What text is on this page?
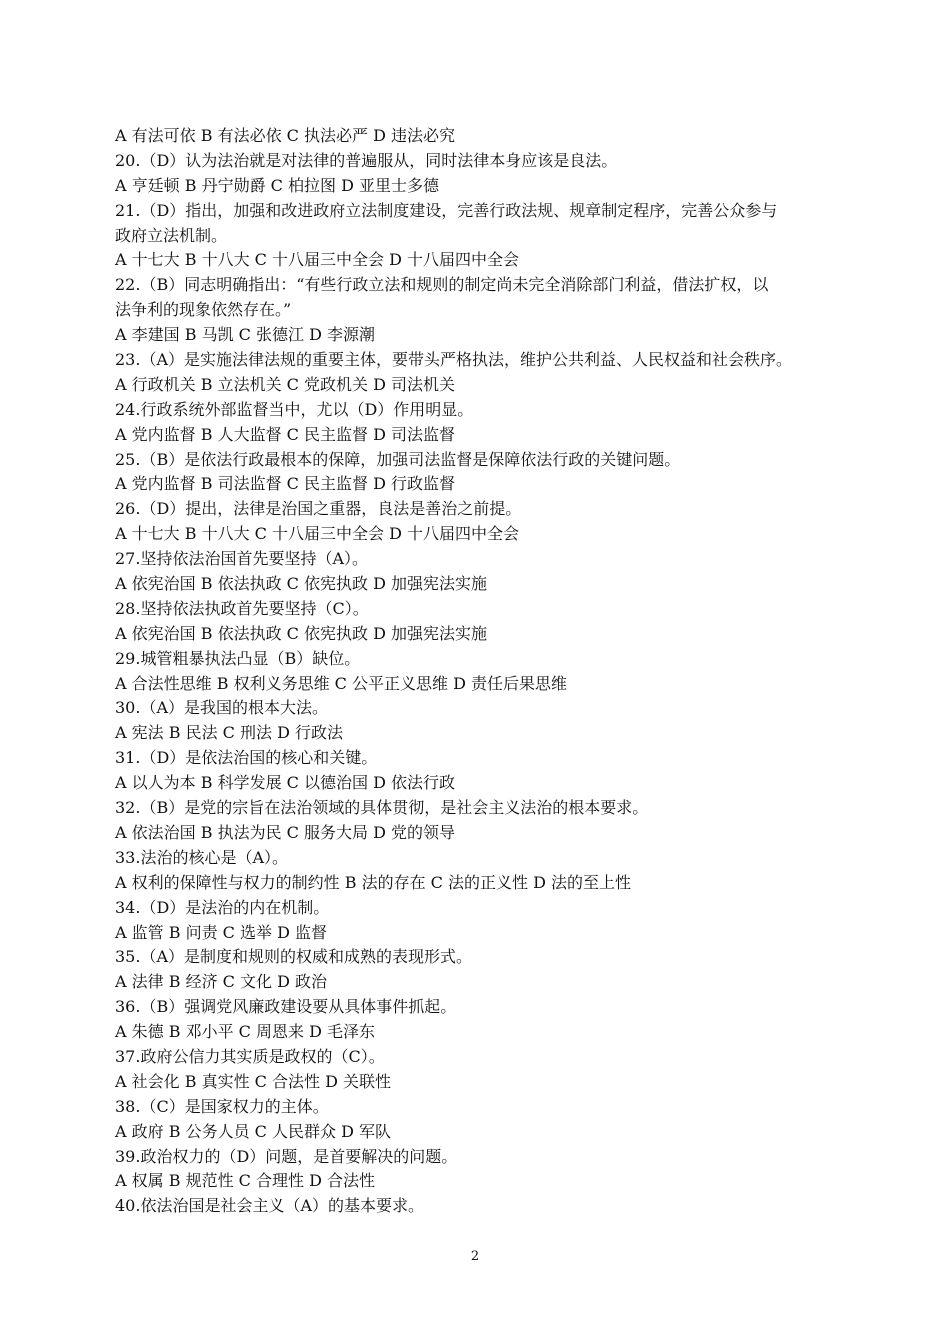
A 有法可依 B 有法必依 C 执法必严 D 违法必究
20.（D）认为法治就是对法律的普遍服从，同时法律本身应该是良法。
A 亨廷顿 B 丹宁勋爵 C 柏拉图 D 亚里士多德
21.（D）指出，加强和改进政府立法制度建设，完善行政法规、规章制定程序，完善公众参与
政府立法机制。
A 十七大 B 十八大 C 十八届三中全会 D 十八届四中全会
22.（B）同志明确指出：“有些行政立法和规则的制定尚未完全消除部门利益，借法扩权，以
法争利的现象依然存在。”
A 李建国 B 马凯 C 张德江 D 李源潮
23.（A）是实施法律法规的重要主体，要带头严格执法，维护公共利益、人民权益和社会秩序。
A 行政机关 B 立法机关 C 党政机关 D 司法机关
24.行政系统外部监督当中，尤以（D）作用明显。
A 党内监督 B 人大监督 C 民主监督 D 司法监督
25.（B）是依法行政最根本的保障，加强司法监督是保障依法行政的关键问题。
A 党内监督 B 司法监督 C 民主监督 D 行政监督
26.（D）提出，法律是治国之重器，良法是善治之前提。
A 十七大 B 十八大 C 十八届三中全会 D 十八届四中全会
27.坚持依法治国首先要坚持（A）。
A 依宪治国 B 依法执政 C 依宪执政 D 加强宪法实施
28.坚持依法执政首先要坚持（C）。
A 依宪治国 B 依法执政 C 依宪执政 D 加强宪法实施
29.城管粗暴执法凸显（B）缺位。
A 合法性思维 B 权利义务思维 C 公平正义思维 D 责任后果思维
30.（A）是我国的根本大法。
A 宪法 B 民法 C 刑法 D 行政法
31.（D）是依法治国的核心和关键。
A 以人为本 B 科学发展 C 以德治国 D 依法行政
32.（B）是党的宗旨在法治领域的具体贯彻，是社会主义法治的根本要求。
A 依法治国 B 执法为民 C 服务大局 D 党的领导
33.法治的核心是（A）。
A 权利的保障性与权力的制约性 B 法的存在 C 法的正义性 D 法的至上性
34.（D）是法治的内在机制。
A 监管 B 问责 C 选举 D 监督
35.（A）是制度和规则的权威和成熟的表现形式。
A 法律 B 经济 C 文化 D 政治
36.（B）强调党风廉政建设要从具体事件抓起。
A 朱德 B 邓小平 C 周恩来 D 毛泽东
37.政府公信力其实质是政权的（C）。
A 社会化 B 真实性 C 合法性 D 关联性
38.（C）是国家权力的主体。
A 政府 B 公务人员 C 人民群众 D 军队
39.政治权力的（D）问题，是首要解决的问题。
A 权属 B 规范性 C 合理性 D 合法性
40.依法治国是社会主义（A）的基本要求。
2
